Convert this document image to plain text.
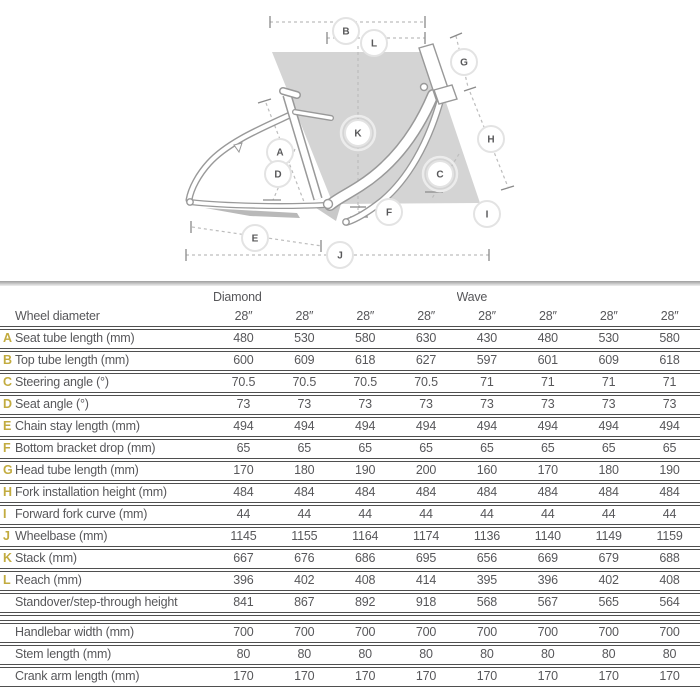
B
L
G
H
K
A
D	C
F	I
E
J
		Diamond				Wave			
	Wheel diameter	28″	28″	28″	28″	28″	28″	28″	28″
A	Seat tube length (mm)	480	530	580	630	430	480	530	580
B	Top tube length (mm)	600	609	618	627	597	601	609	618
C	Steering angle (°)	70.5	70.5	70.5	70.5	71	71	71	71
D	Seat angle (°)	73	73	73	73	73	73	73	73
E	Chain stay length (mm)	494	494	494	494	494	494	494	494
F	Bottom bracket drop (mm)	65	65	65	65	65	65	65	65
G	Head tube length (mm)	170	180	190	200	160	170	180	190
H	Fork installation height (mm)	484	484	484	484	484	484	484	484
I	Forward fork curve (mm)	44	44	44	44	44	44	44	44
J	Wheelbase (mm)	1145	1155	1164	1174	1136	1140	1149	1159
K	Stack (mm)	667	676	686	695	656	669	679	688
L	Reach (mm)	396	402	408	414	395	396	402	408
	Standover/step-through height	841	867	892	918	568	567	565	564

	Handlebar width (mm)	700	700	700	700	700	700	700	700
	Stem length (mm)	80	80	80	80	80	80	80	80
	Crank arm length (mm)	170	170	170	170	170	170	170	170
